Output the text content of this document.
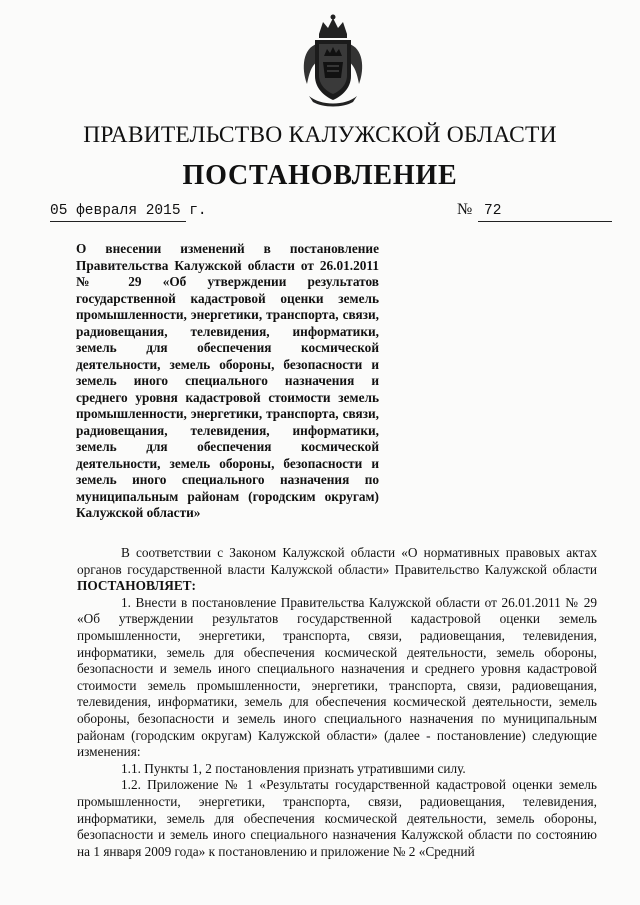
ПРАВИТЕЛЬСТВО КАЛУЖСКОЙ ОБЛАСТИ
ПОСТАНОВЛЕНИЕ
05 февраля 2015 г.	№ 72
О внесении изменений в постановление Правительства Калужской области от 26.01.2011 № 29 «Об утверждении результатов государственной кадастровой оценки земель промышленности, энергетики, транспорта, связи, радиовещания, телевидения, информатики, земель для обеспечения космической деятельности, земель обороны, безопасности и земель иного специального назначения и среднего уровня кадастровой стоимости земель промышленности, энергетики, транспорта, связи, радиовещания, телевидения, информатики, земель для обеспечения космической деятельности, земель обороны, безопасности и земель иного специального назначения по муниципальным районам (городским округам) Калужской области»

В соответствии с Законом Калужской области «О нормативных правовых актах органов государственной власти Калужской области» Правительство Калужской области ПОСТАНОВЛЯЕТ:

1. Внести в постановление Правительства Калужской области от 26.01.2011 № 29 «Об утверждении результатов государственной кадастровой оценки земель промышленности, энергетики, транспорта, связи, радиовещания, телевидения, информатики, земель для обеспечения космической деятельности, земель обороны, безопасности и земель иного специального назначения и среднего уровня кадастровой стоимости земель промышленности, энергетики, транспорта, связи, радиовещания, телевидения, информатики, земель для обеспечения космической деятельности, земель обороны, безопасности и земель иного специального назначения по муниципальным районам (городским округам) Калужской области» (далее - постановление) следующие изменения:

1.1. Пункты 1, 2 постановления признать утратившими силу.

1.2. Приложение № 1 «Результаты государственной кадастровой оценки земель промышленности, энергетики, транспорта, связи, радиовещания, телевидения, информатики, земель для обеспечения космической деятельности, земель обороны, безопасности и земель иного специального назначения Калужской области по состоянию на 1 января 2009 года» к постановлению и приложение № 2 «Средний
